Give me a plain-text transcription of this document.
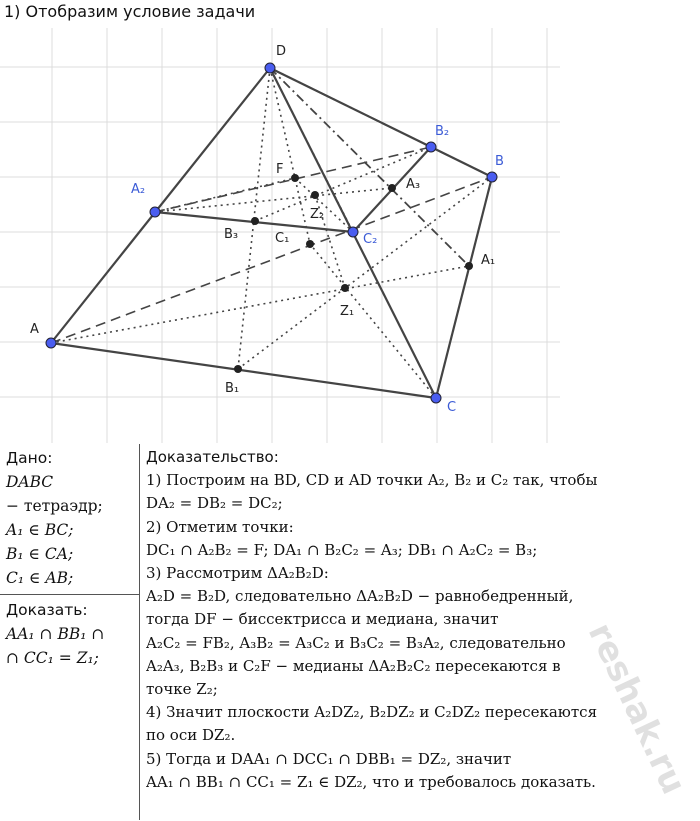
1) Отобразим условие задачи
D
B₂
B
A₂
F
A₃
Z₂
B₃	C₁	C₂
A
A₁
Z₁
B₁
C
Дано:
DABC
− тетраэдр;
A₁ ∈ BC;
B₁ ∈ CA;
C₁ ∈ AB;
Доказать:
AA₁ ∩ BB₁ ∩
∩ CC₁ = Z₁;
Доказательство:
1) Построим на BD, CD и AD точки A₂, B₂ и C₂ так, чтобы
DA₂ = DB₂ = DC₂;
2) Отметим точки:
DC₁ ∩ A₂B₂ = F; DA₁ ∩ B₂C₂ = A₃; DB₁ ∩ A₂C₂ = B₃;
3) Рассмотрим ΔA₂B₂D:
A₂D = B₂D, следовательно ΔA₂B₂D − равнобедренный,
тогда DF − биссектрисса и медиана, значит
A₂C₂ = FB₂, A₃B₂ = A₃C₂ и B₃C₂ = B₃A₂, следовательно
A₂A₃, B₂B₃ и C₂F − медианы ΔA₂B₂C₂ пересекаются в
точке Z₂;
4) Значит плоскости A₂DZ₂, B₂DZ₂ и C₂DZ₂ пересекаются
по оси DZ₂.
5) Тогда и DAA₁ ∩ DCC₁ ∩ DBB₁ = DZ₂, значит
AA₁ ∩ BB₁ ∩ CC₁ = Z₁ ∈ DZ₂, что и требовалось доказать.
reshak.ru
